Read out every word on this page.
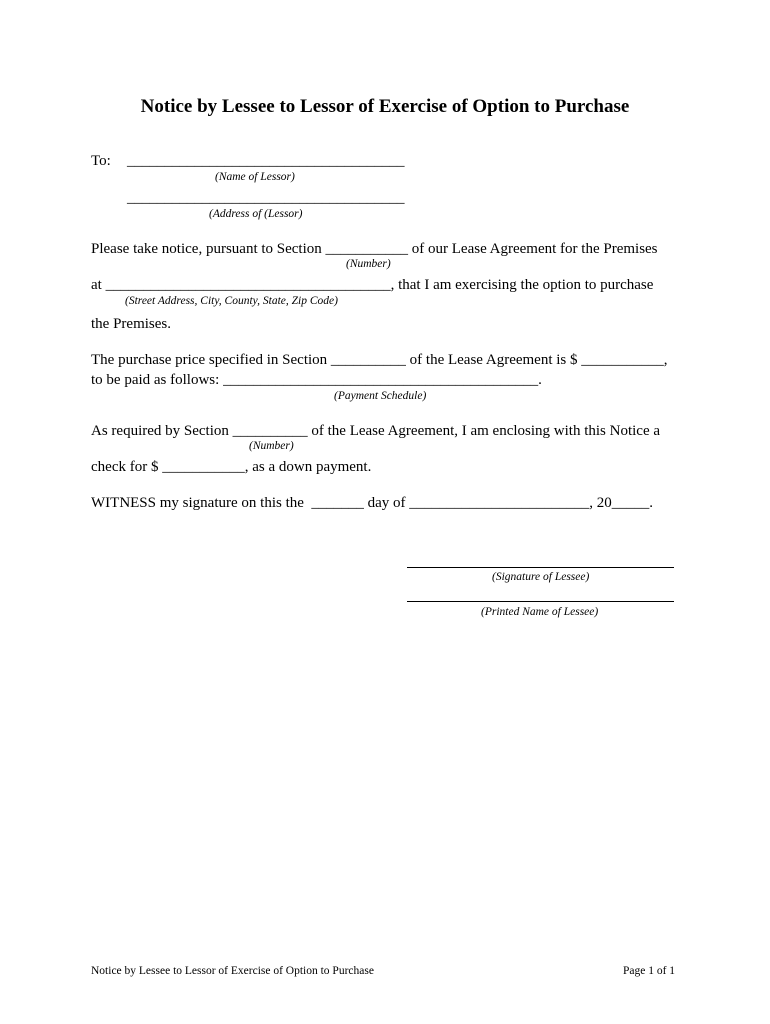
Notice by Lessee to Lessor of Exercise of Option to Purchase
To: _____________________________________
(Name of Lessor)
_____________________________________
(Address of (Lessor)
Please take notice, pursuant to Section ___________ of our Lease Agreement for the Premises
(Number)
at ______________________________________, that I am exercising the option to purchase
(Street Address, City, County, State, Zip Code)
the Premises.
The purchase price specified in Section __________ of the Lease Agreement is $ ___________,
to be paid as follows: __________________________________________.
(Payment Schedule)
As required by Section __________ of the Lease Agreement, I am enclosing with this Notice a
(Number)
check for $ ___________, as a down payment.
WITNESS my signature on this the  _______ day of ________________________, 20_____.
(Signature of Lessee)
(Printed Name of Lessee)
Notice by Lessee to Lessor of Exercise of Option to Purchase	Page 1 of 1
